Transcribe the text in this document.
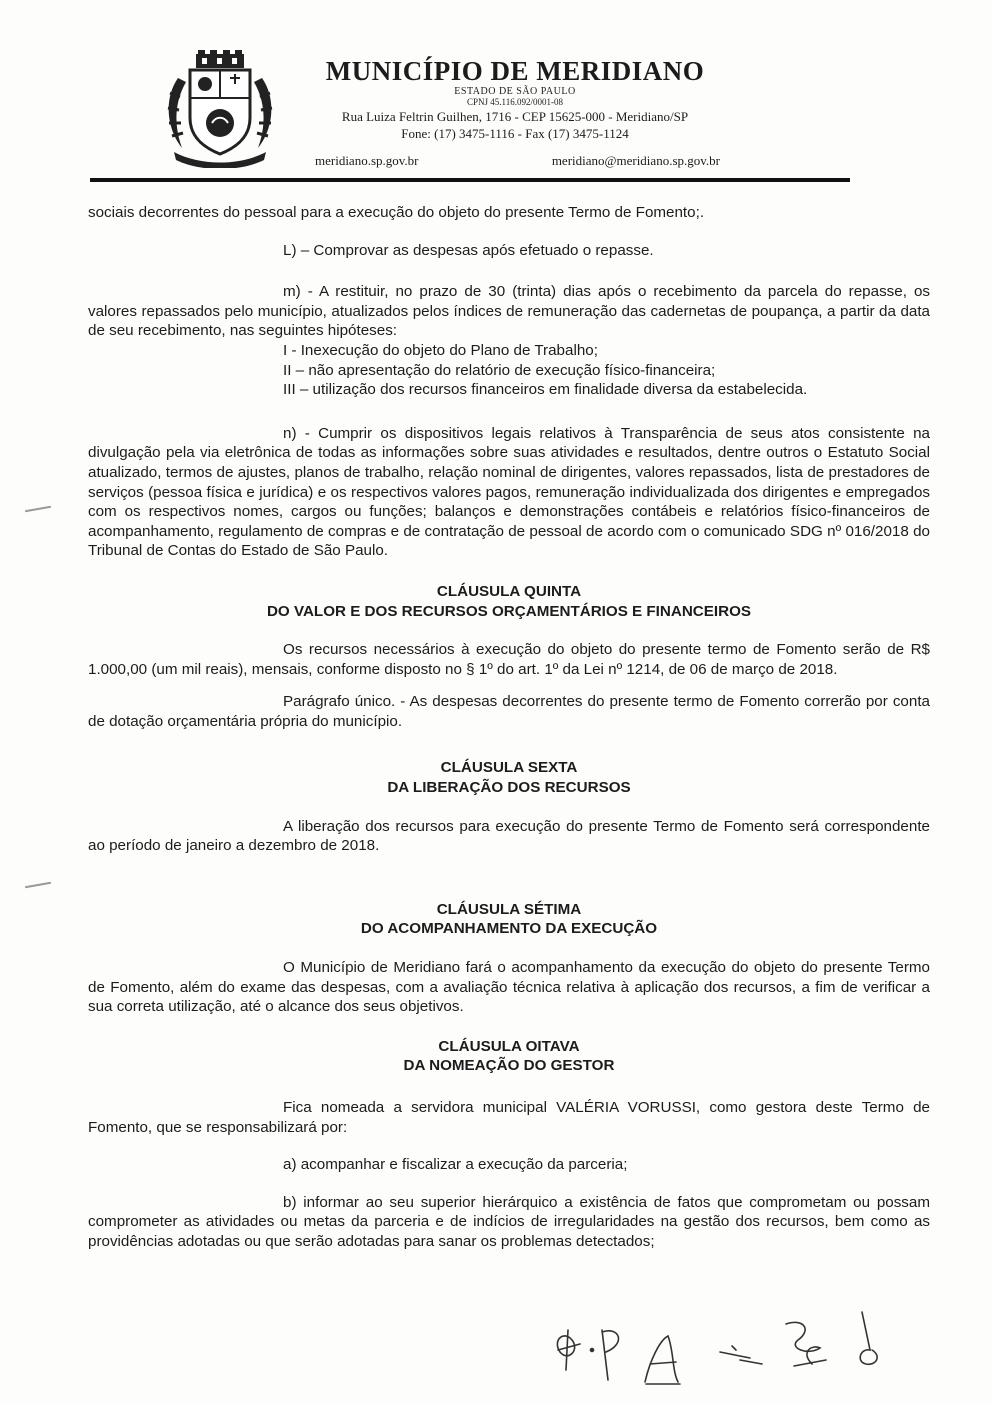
MUNICÍPIO DE MERIDIANO
ESTADO DE SÃO PAULO
CPNJ 45.116.092/0001-08
Rua Luiza Feltrin Guilhen, 1716 - CEP 15625-000 - Meridiano/SP
Fone: (17) 3475-1116 - Fax (17) 3475-1124
meridiano.sp.gov.br	meridiano@meridiano.sp.gov.br

sociais decorrentes do pessoal para a execução do objeto do presente Termo de Fomento;.

L) – Comprovar as despesas após efetuado o repasse.

m) - A restituir, no prazo de 30 (trinta) dias após o recebimento da parcela do repasse, os valores repassados pelo município, atualizados pelos índices de remuneração das cadernetas de poupança, a partir da data de seu recebimento, nas seguintes hipóteses:

I - Inexecução do objeto do Plano de Trabalho;

II – não apresentação do relatório de execução físico-financeira;

III – utilização dos recursos financeiros em finalidade diversa da estabelecida.

n) - Cumprir os dispositivos legais relativos à Transparência de seus atos consistente na divulgação pela via eletrônica de todas as informações sobre suas atividades e resultados, dentre outros o Estatuto Social atualizado, termos de ajustes, planos de trabalho, relação nominal de dirigentes, valores repassados, lista de prestadores de serviços (pessoa física e jurídica) e os respectivos valores pagos, remuneração individualizada dos dirigentes e empregados com os respectivos nomes, cargos ou funções; balanços e demonstrações contábeis e relatórios físico-financeiros de acompanhamento, regulamento de compras e de contratação de pessoal de acordo com o comunicado SDG nº 016/2018 do Tribunal de Contas do Estado de São Paulo.

CLÁUSULA QUINTA

DO VALOR E DOS RECURSOS ORÇAMENTÁRIOS E FINANCEIROS

Os recursos necessários à execução do objeto do presente termo de Fomento serão de R$ 1.000,00 (um mil reais), mensais, conforme disposto no § 1º do art. 1º da Lei nº 1214, de 06 de março de 2018.

Parágrafo único. - As despesas decorrentes do presente termo de Fomento correrão por conta de dotação orçamentária própria do município.

CLÁUSULA SEXTA

DA LIBERAÇÃO DOS RECURSOS

A liberação dos recursos para execução do presente Termo de Fomento será correspondente ao período de janeiro a dezembro de 2018.

CLÁUSULA SÉTIMA

DO ACOMPANHAMENTO DA EXECUÇÃO

O Município de Meridiano fará o acompanhamento da execução do objeto do presente Termo de Fomento, além do exame das despesas, com a avaliação técnica relativa à aplicação dos recursos, a fim de verificar a sua correta utilização, até o alcance dos seus objetivos.

CLÁUSULA OITAVA

DA NOMEAÇÃO DO GESTOR

Fica nomeada a servidora municipal VALÉRIA VORUSSI, como gestora deste Termo de Fomento, que se responsabilizará por:

a) acompanhar e fiscalizar a execução da parceria;

b) informar ao seu superior hierárquico a existência de fatos que comprometam ou possam comprometer as atividades ou metas da parceria e de indícios de irregularidades na gestão dos recursos, bem como as providências adotadas ou que serão adotadas para sanar os problemas detectados;
